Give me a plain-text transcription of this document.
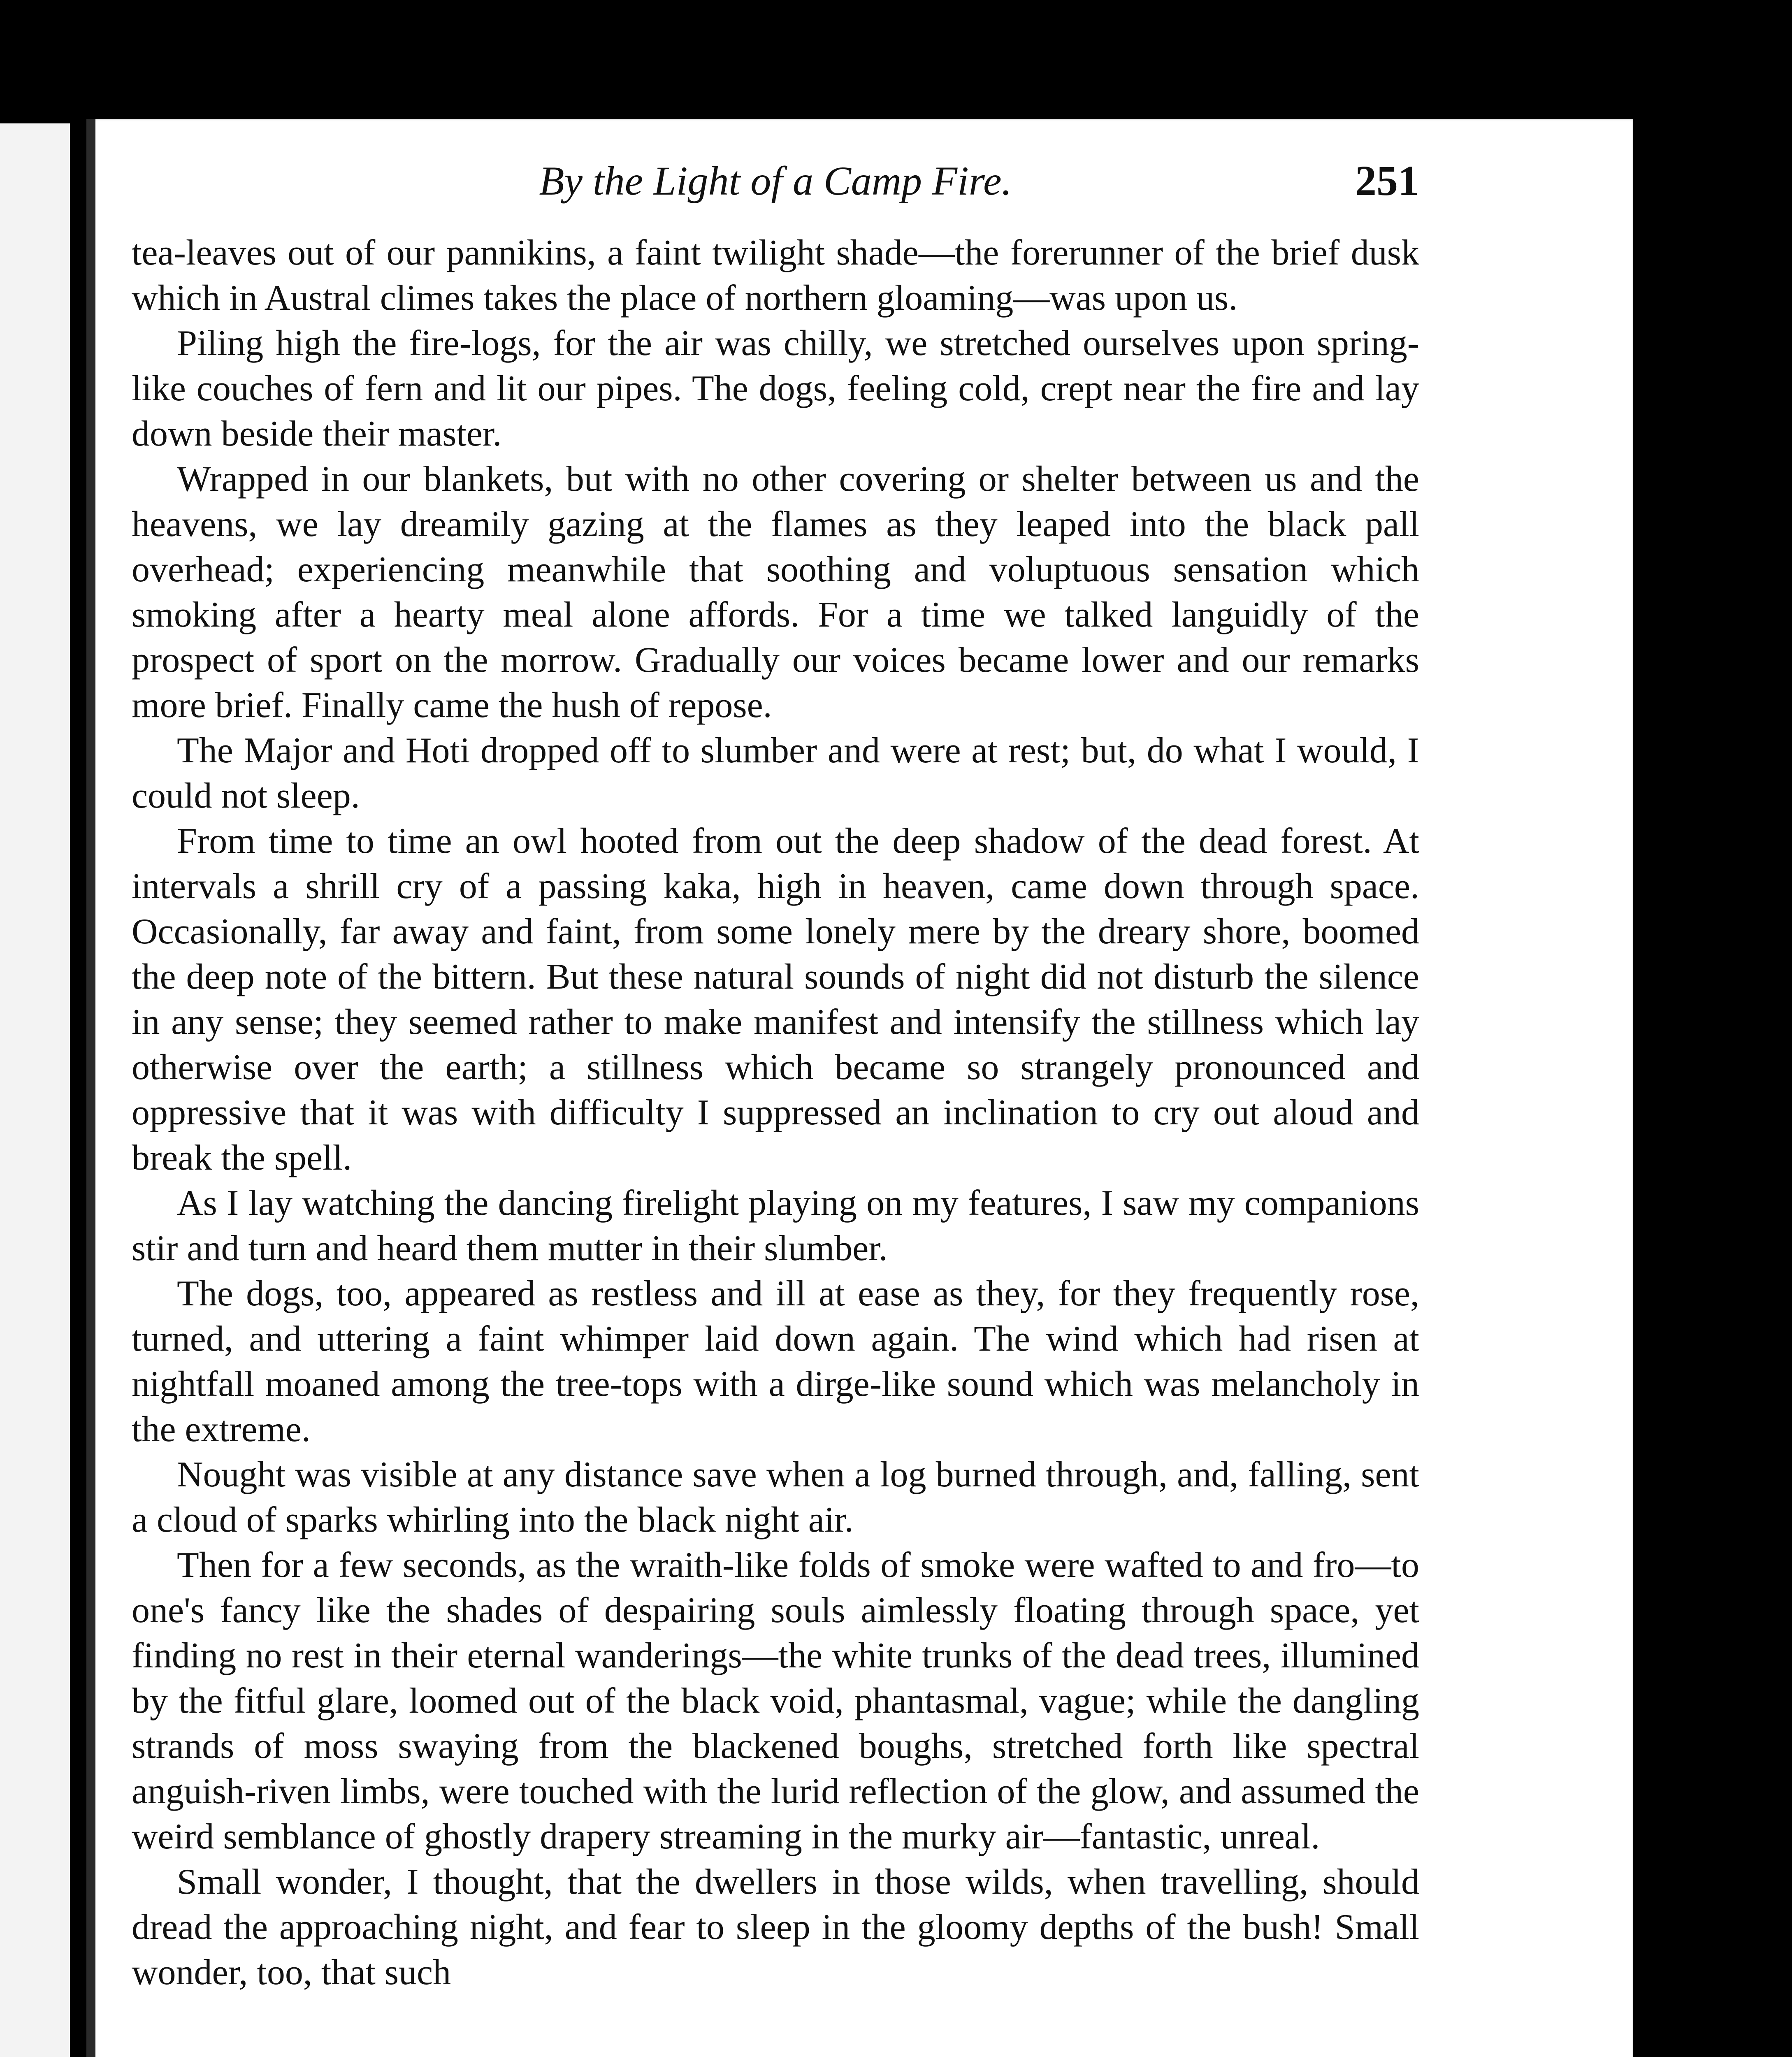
By the Light of a Camp Fire.	251

tea-leaves out of our pannikins, a faint twilight shade—the forerunner of the brief dusk which in Austral climes takes the place of northern gloaming—was upon us.

Piling high the fire-logs, for the air was chilly, we stretched ourselves upon spring-like couches of fern and lit our pipes. The dogs, feeling cold, crept near the fire and lay down beside their master.

Wrapped in our blankets, but with no other covering or shelter between us and the heavens, we lay dreamily gazing at the flames as they leaped into the black pall overhead; experiencing meanwhile that soothing and voluptuous sensation which smoking after a hearty meal alone affords. For a time we talked languidly of the prospect of sport on the morrow. Gradually our voices became lower and our remarks more brief. Finally came the hush of repose.

The Major and Hoti dropped off to slumber and were at rest; but, do what I would, I could not sleep.

From time to time an owl hooted from out the deep shadow of the dead forest. At intervals a shrill cry of a passing kaka, high in heaven, came down through space. Occasionally, far away and faint, from some lonely mere by the dreary shore, boomed the deep note of the bittern. But these natural sounds of night did not disturb the silence in any sense; they seemed rather to make manifest and intensify the stillness which lay otherwise over the earth; a stillness which became so strangely pronounced and oppressive that it was with difficulty I suppressed an inclination to cry out aloud and break the spell.

As I lay watching the dancing firelight playing on my features, I saw my companions stir and turn and heard them mutter in their slumber.

The dogs, too, appeared as restless and ill at ease as they, for they frequently rose, turned, and uttering a faint whimper laid down again. The wind which had risen at nightfall moaned among the tree-tops with a dirge-like sound which was melancholy in the extreme.

Nought was visible at any distance save when a log burned through, and, falling, sent a cloud of sparks whirling into the black night air.

Then for a few seconds, as the wraith-like folds of smoke were wafted to and fro—to one's fancy like the shades of despairing souls aimlessly floating through space, yet finding no rest in their eternal wanderings—the white trunks of the dead trees, illumined by the fitful glare, loomed out of the black void, phantasmal, vague; while the dangling strands of moss swaying from the blackened boughs, stretched forth like spectral anguish-riven limbs, were touched with the lurid reflection of the glow, and assumed the weird semblance of ghostly drapery streaming in the murky air—fantastic, unreal.

Small wonder, I thought, that the dwellers in those wilds, when travelling, should dread the approaching night, and fear to sleep in the gloomy depths of the bush! Small wonder, too, that such
